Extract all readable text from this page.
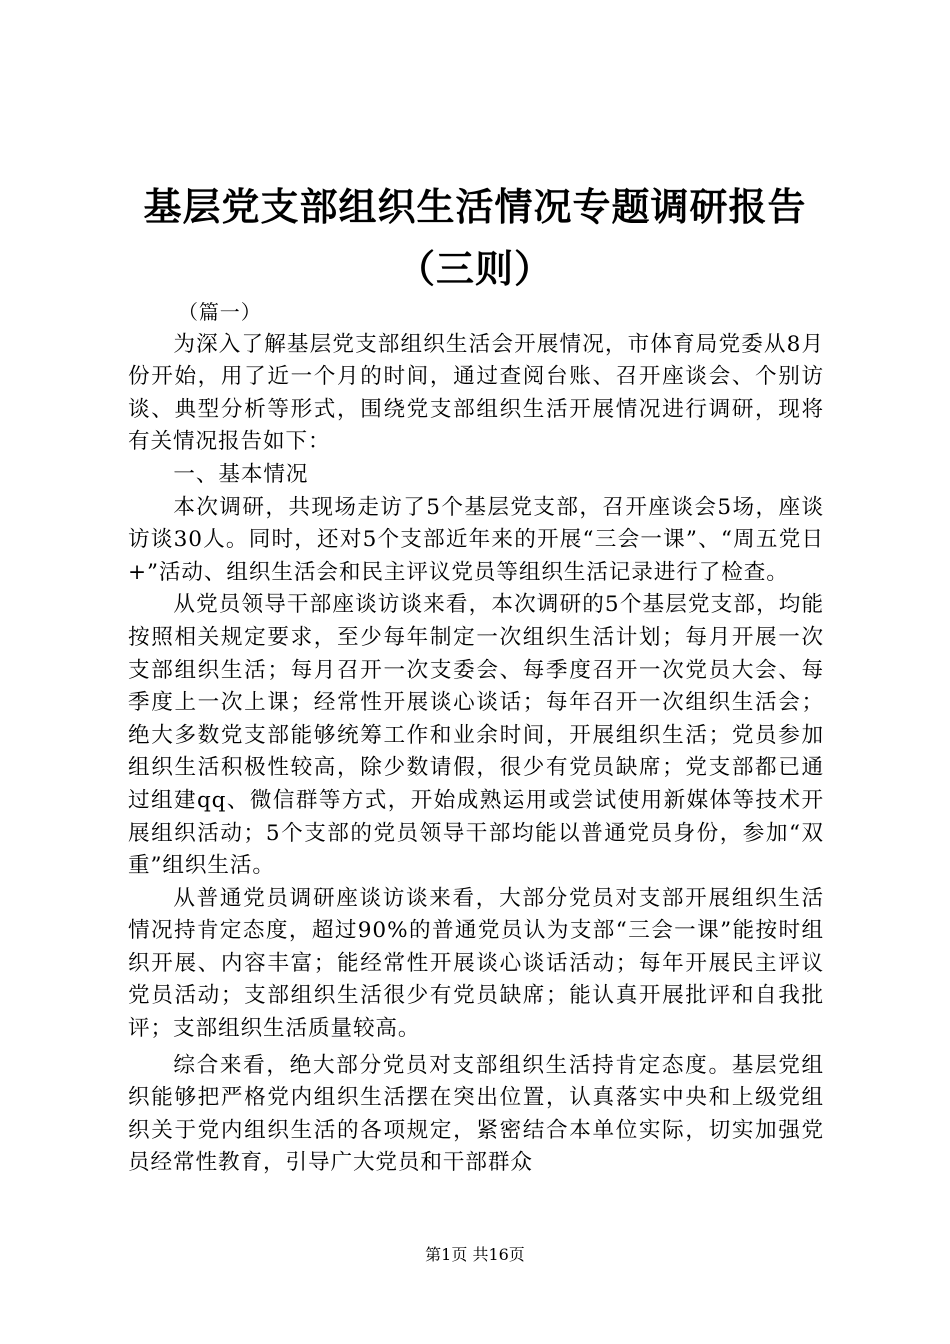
基层党支部组织生活情况专题调研报告（三则）

（篇一）

为深入了解基层党支部组织生活会开展情况，市体育局党委从8月份开始，用了近一个月的时间，通过查阅台账、召开座谈会、个别访谈、典型分析等形式，围绕党支部组织生活开展情况进行调研，现将有关情况报告如下：

一、基本情况

本次调研，共现场走访了5个基层党支部，召开座谈会5场，座谈访谈30人。同时，还对5个支部近年来的开展“三会一课”、“周五党日+”活动、组织生活会和民主评议党员等组织生活记录进行了检查。

从党员领导干部座谈访谈来看，本次调研的5个基层党支部，均能按照相关规定要求，至少每年制定一次组织生活计划；每月开展一次支部组织生活；每月召开一次支委会、每季度召开一次党员大会、每季度上一次上课；经常性开展谈心谈话；每年召开一次组织生活会；绝大多数党支部能够统筹工作和业余时间，开展组织生活；党员参加组织生活积极性较高，除少数请假，很少有党员缺席；党支部都已通过组建qq、微信群等方式，开始成熟运用或尝试使用新媒体等技术开展组织活动；5个支部的党员领导干部均能以普通党员身份，参加“双重”组织生活。

从普通党员调研座谈访谈来看，大部分党员对支部开展组织生活情况持肯定态度，超过90%的普通党员认为支部“三会一课”能按时组织开展、内容丰富；能经常性开展谈心谈话活动；每年开展民主评议党员活动；支部组织生活很少有党员缺席；能认真开展批评和自我批评；支部组织生活质量较高。

综合来看，绝大部分党员对支部组织生活持肯定态度。基层党组织能够把严格党内组织生活摆在突出位置，认真落实中央和上级党组织关于党内组织生活的各项规定，紧密结合本单位实际，切实加强党员经常性教育，引导广大党员和干部群众

第1页 共16页
